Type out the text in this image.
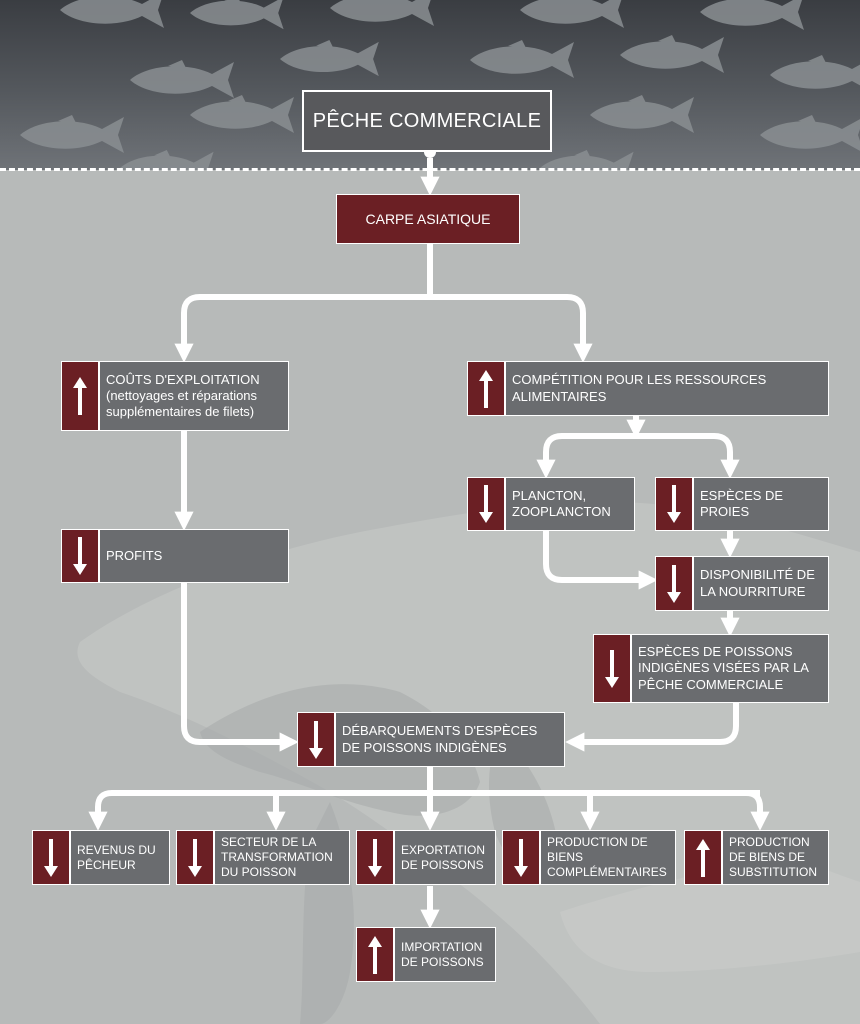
PÊCHE COMMERCIALE
CARPE ASIATIQUE
COÛTS D'EXPLOITATION (nettoyages et réparations supplémentaires de filets)
COMPÉTITION POUR LES RESSOURCES ALIMENTAIRES
PLANCTON, ZOOPLANCTON
ESPÈCES DE PROIES
DISPONIBILITÉ DE LA NOURRITURE
ESPÈCES DE POISSONS INDIGÈNES VISÉES PAR LA PÊCHE COMMERCIALE
PROFITS
DÉBARQUEMENTS D'ESPÈCES DE POISSONS INDIGÈNES
REVENUS DU PÊCHEUR
SECTEUR DE LA TRANSFORMATION DU POISSON
EXPORTATION DE POISSONS
PRODUCTION DE BIENS COMPLÉMENTAIRES
PRODUCTION DE BIENS DE SUBSTITUTION
IMPORTATION DE POISSONS
